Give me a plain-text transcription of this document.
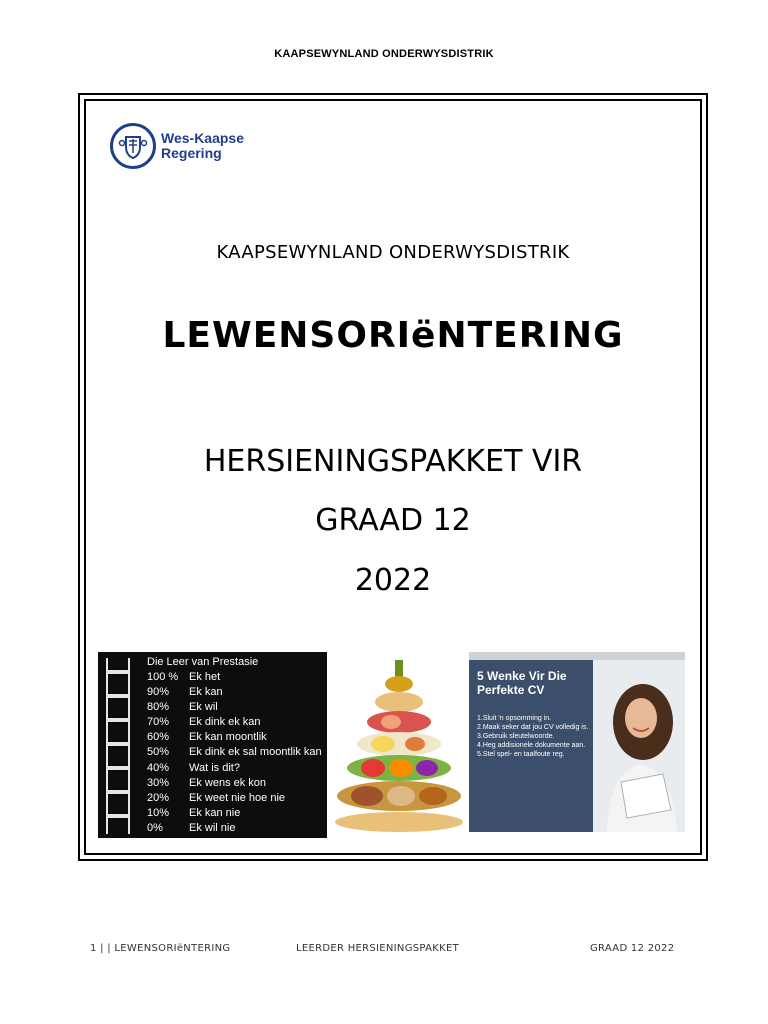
KAAPSEWYNLAND ONDERWYSDISTRIK
Wes-Kaapse
Regering
KAAPSEWYNLAND ONDERWYSDISTRIK
LEWENSORIëNTERING
HERSIENINGSPAKKET VIR
GRAAD 12
2022
Die Leer van Prestasie
100 % Ek het
90%	Ek kan
80%	Ek wil
70%	Ek dink ek kan
60%	Ek kan moontlik
50%	Ek dink ek sal moontlik kan
40%	Wat is dit?
30%	Ek wens ek kon
20%	Ek weet nie hoe nie
10%	Ek kan nie
0%	Ek wil nie
5 Wenke Vir Die Perfekte CV
1.Sluit 'n opsomming in.
2.Maak seker dat jou CV volledig is.
3.Gebruik sleutelwoorde.
4.Heg addisionele dokumente aan.
5.Stel spel- en taalfoute reg.
1 | | LEWENSORIëNTERING	LEERDER HERSIENINGSPAKKET	GRAAD 12 2022
